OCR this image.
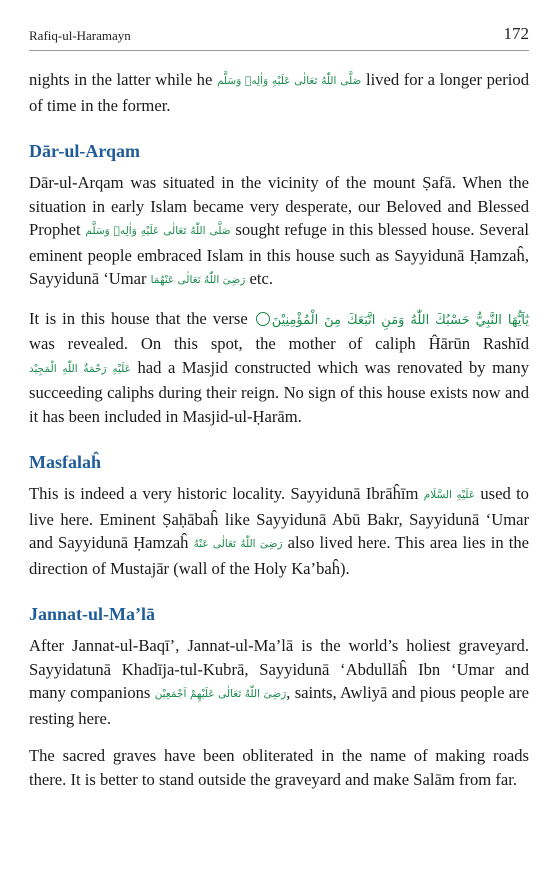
Rafiq-ul-Haramayn	172

nights in the latter while he صَلَّى اللّٰهُ تَعَالٰى عَلَيْهِ وَاٰلِهٖ وَسَلَّم lived for a longer period of time in the former.

Dār-ul-Arqam

Dār-ul-Arqam was situated in the vicinity of the mount Ṣafā. When the situation in early Islam became very desperate, our Beloved and Blessed Prophet صَلَّى اللّٰهُ تَعَالٰى عَلَيْهِ وَاٰلِهٖ وَسَلَّم sought refuge in this blessed house. Several eminent people embraced Islam in this house such as Sayyidunā Ḥamzaĥ, Sayyidunā ‘Umar رَضِىَ اللّٰهُ تَعَالٰى عَنْهُمَا etc.

It is in this house that the verse يٰٓاَيُّهَا النَّبِيُّ حَسْبُكَ اللّٰهُ وَمَنِ اتَّبَعَكَ مِنَ الْمُؤْمِنِيْنَ was revealed. On this spot, the mother of caliph Ĥārūn Rashīd عَلَيْهِ رَحْمَةُ اللّٰهِ الْمَجِيْد had a Masjid constructed which was renovated by many succeeding caliphs during their reign. No sign of this house exists now and it has been included in Masjid-ul-Ḥarām.

Masfalaĥ

This is indeed a very historic locality. Sayyidunā Ibrāĥīm عَلَيْهِ السَّلَام used to live here. Eminent Ṣaḥābaĥ like Sayyidunā Abū Bakr, Sayyidunā ‘Umar and Sayyidunā Ḥamzaĥ رَضِىَ اللّٰهُ تَعَالٰى عَنْهُ also lived here. This area lies in the direction of Mustajār (wall of the Holy Ka’baĥ).

Jannat-ul-Ma’lā

After Jannat-ul-Baqī’, Jannat-ul-Ma’lā is the world’s holiest graveyard. Sayyidatunā Khadīja-tul-Kubrā, Sayyidunā ‘Abdullāĥ Ibn ‘Umar and many companions رَضِىَ اللّٰهُ تَعَالٰى عَلَيْهِمْ اَجْمَعِيْن, saints, Awliyā and pious people are resting here.

The sacred graves have been obliterated in the name of making roads there. It is better to stand outside the graveyard and make Salām from far.
